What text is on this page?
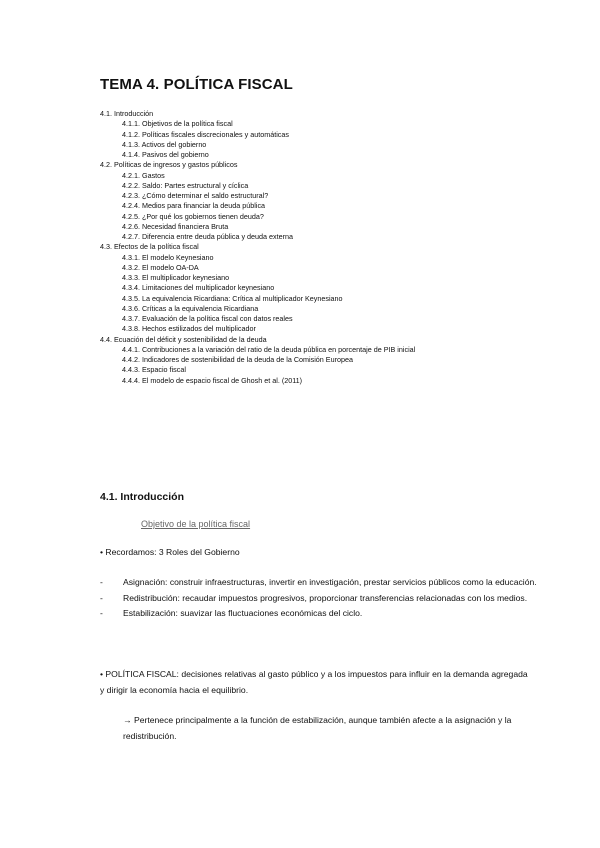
TEMA 4. POLÍTICA FISCAL
4.1. Introducción
4.1.1. Objetivos de la política fiscal
4.1.2. Políticas fiscales discrecionales y automáticas
4.1.3. Activos del gobierno
4.1.4. Pasivos del gobierno
4.2. Políticas de ingresos y gastos públicos
4.2.1. Gastos
4.2.2. Saldo: Partes estructural y cíclica
4.2.3. ¿Cómo determinar el saldo estructural?
4.2.4. Medios para financiar la deuda pública
4.2.5. ¿Por qué los gobiernos tienen deuda?
4.2.6. Necesidad financiera Bruta
4.2.7. Diferencia entre deuda pública y deuda externa
4.3. Efectos de la política fiscal
4.3.1. El modelo Keynesiano
4.3.2. El modelo OA-DA
4.3.3. El multiplicador keynesiano
4.3.4. Limitaciones del multiplicador keynesiano
4.3.5. La equivalencia Ricardiana: Crítica al multiplicador Keynesiano
4.3.6. Críticas a la equivalencia Ricardiana
4.3.7. Evaluación de la política fiscal con datos reales
4.3.8. Hechos estilizados del multiplicador
4.4. Ecuación del déficit y sostenibilidad de la deuda
4.4.1. Contribuciones a la variación del ratio de la deuda pública en porcentaje de PIB inicial
4.4.2. Indicadores de sostenibilidad de la deuda de la Comisión Europea
4.4.3. Espacio fiscal
4.4.4. El modelo de espacio fiscal de Ghosh et al. (2011)
4.1. Introducción
Objetivo de la política fiscal
• Recordamos: 3 Roles del Gobierno
-	Asignación: construir infraestructuras, invertir en investigación, prestar servicios públicos como la educación.
-	Redistribución: recaudar impuestos progresivos, proporcionar transferencias relacionadas con los medios.
-	Estabilización: suavizar las fluctuaciones económicas del ciclo.
• POLÍTICA FISCAL: decisiones relativas al gasto público y a los impuestos para influir en la demanda agregada y dirigir la economía hacia el equilibrio.
→ Pertenece principalmente a la función de estabilización, aunque también afecte a la asignación y la redistribución.
